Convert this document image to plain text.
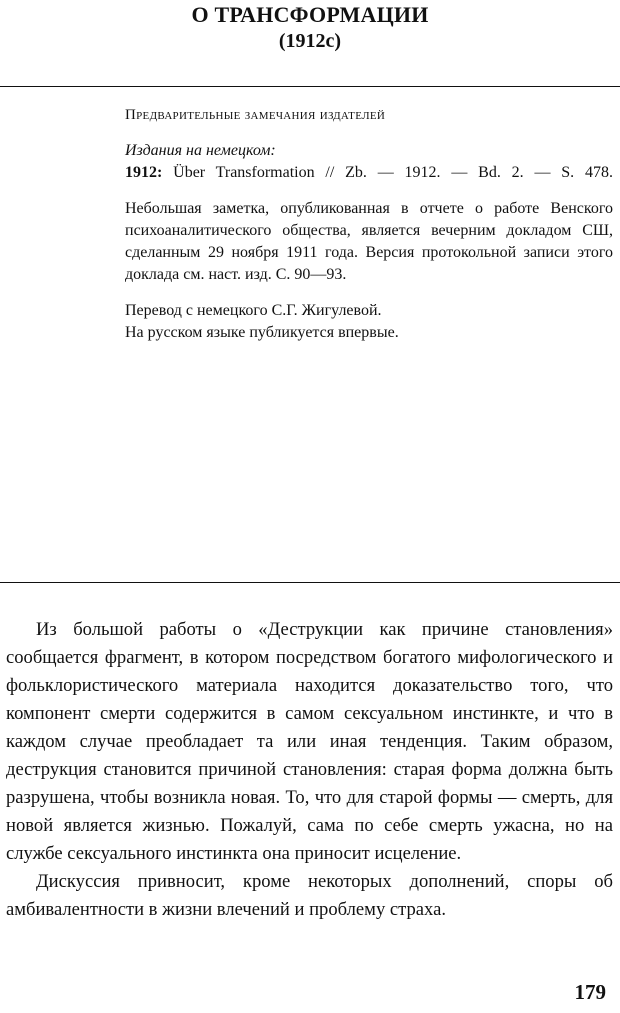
О ТРАНСФОРМАЦИИ
(1912c)

Предварительные замечания издателей

Издания на немецком:

1912: Über Transformation // Zb. — 1912. — Bd. 2. — S. 478.

Небольшая заметка, опубликованная в отчете о работе Венского психоаналитического общества, является вечерним докладом СШ, сделанным 29 ноября 1911 года. Версия протокольной записи этого доклада см. наст. изд. С. 90—93.

Перевод с немецкого С.Г. Жигулевой.
На русском языке публикуется впервые.

Из большой работы о «Деструкции как причине становления» сообщается фрагмент, в котором посредством богатого мифологического и фольклористического материала находится доказательство того, что компонент смерти содержится в самом сексуальном инстинкте, и что в каждом случае преобладает та или иная тенденция. Таким образом, деструкция становится причиной становления: старая форма должна быть разрушена, чтобы возникла новая. То, что для старой формы — смерть, для новой является жизнью. Пожалуй, сама по себе смерть ужасна, но на службе сексуального инстинкта она приносит исцеление.

Дискуссия привносит, кроме некоторых дополнений, споры об амбивалентности в жизни влечений и проблему страха.

179
